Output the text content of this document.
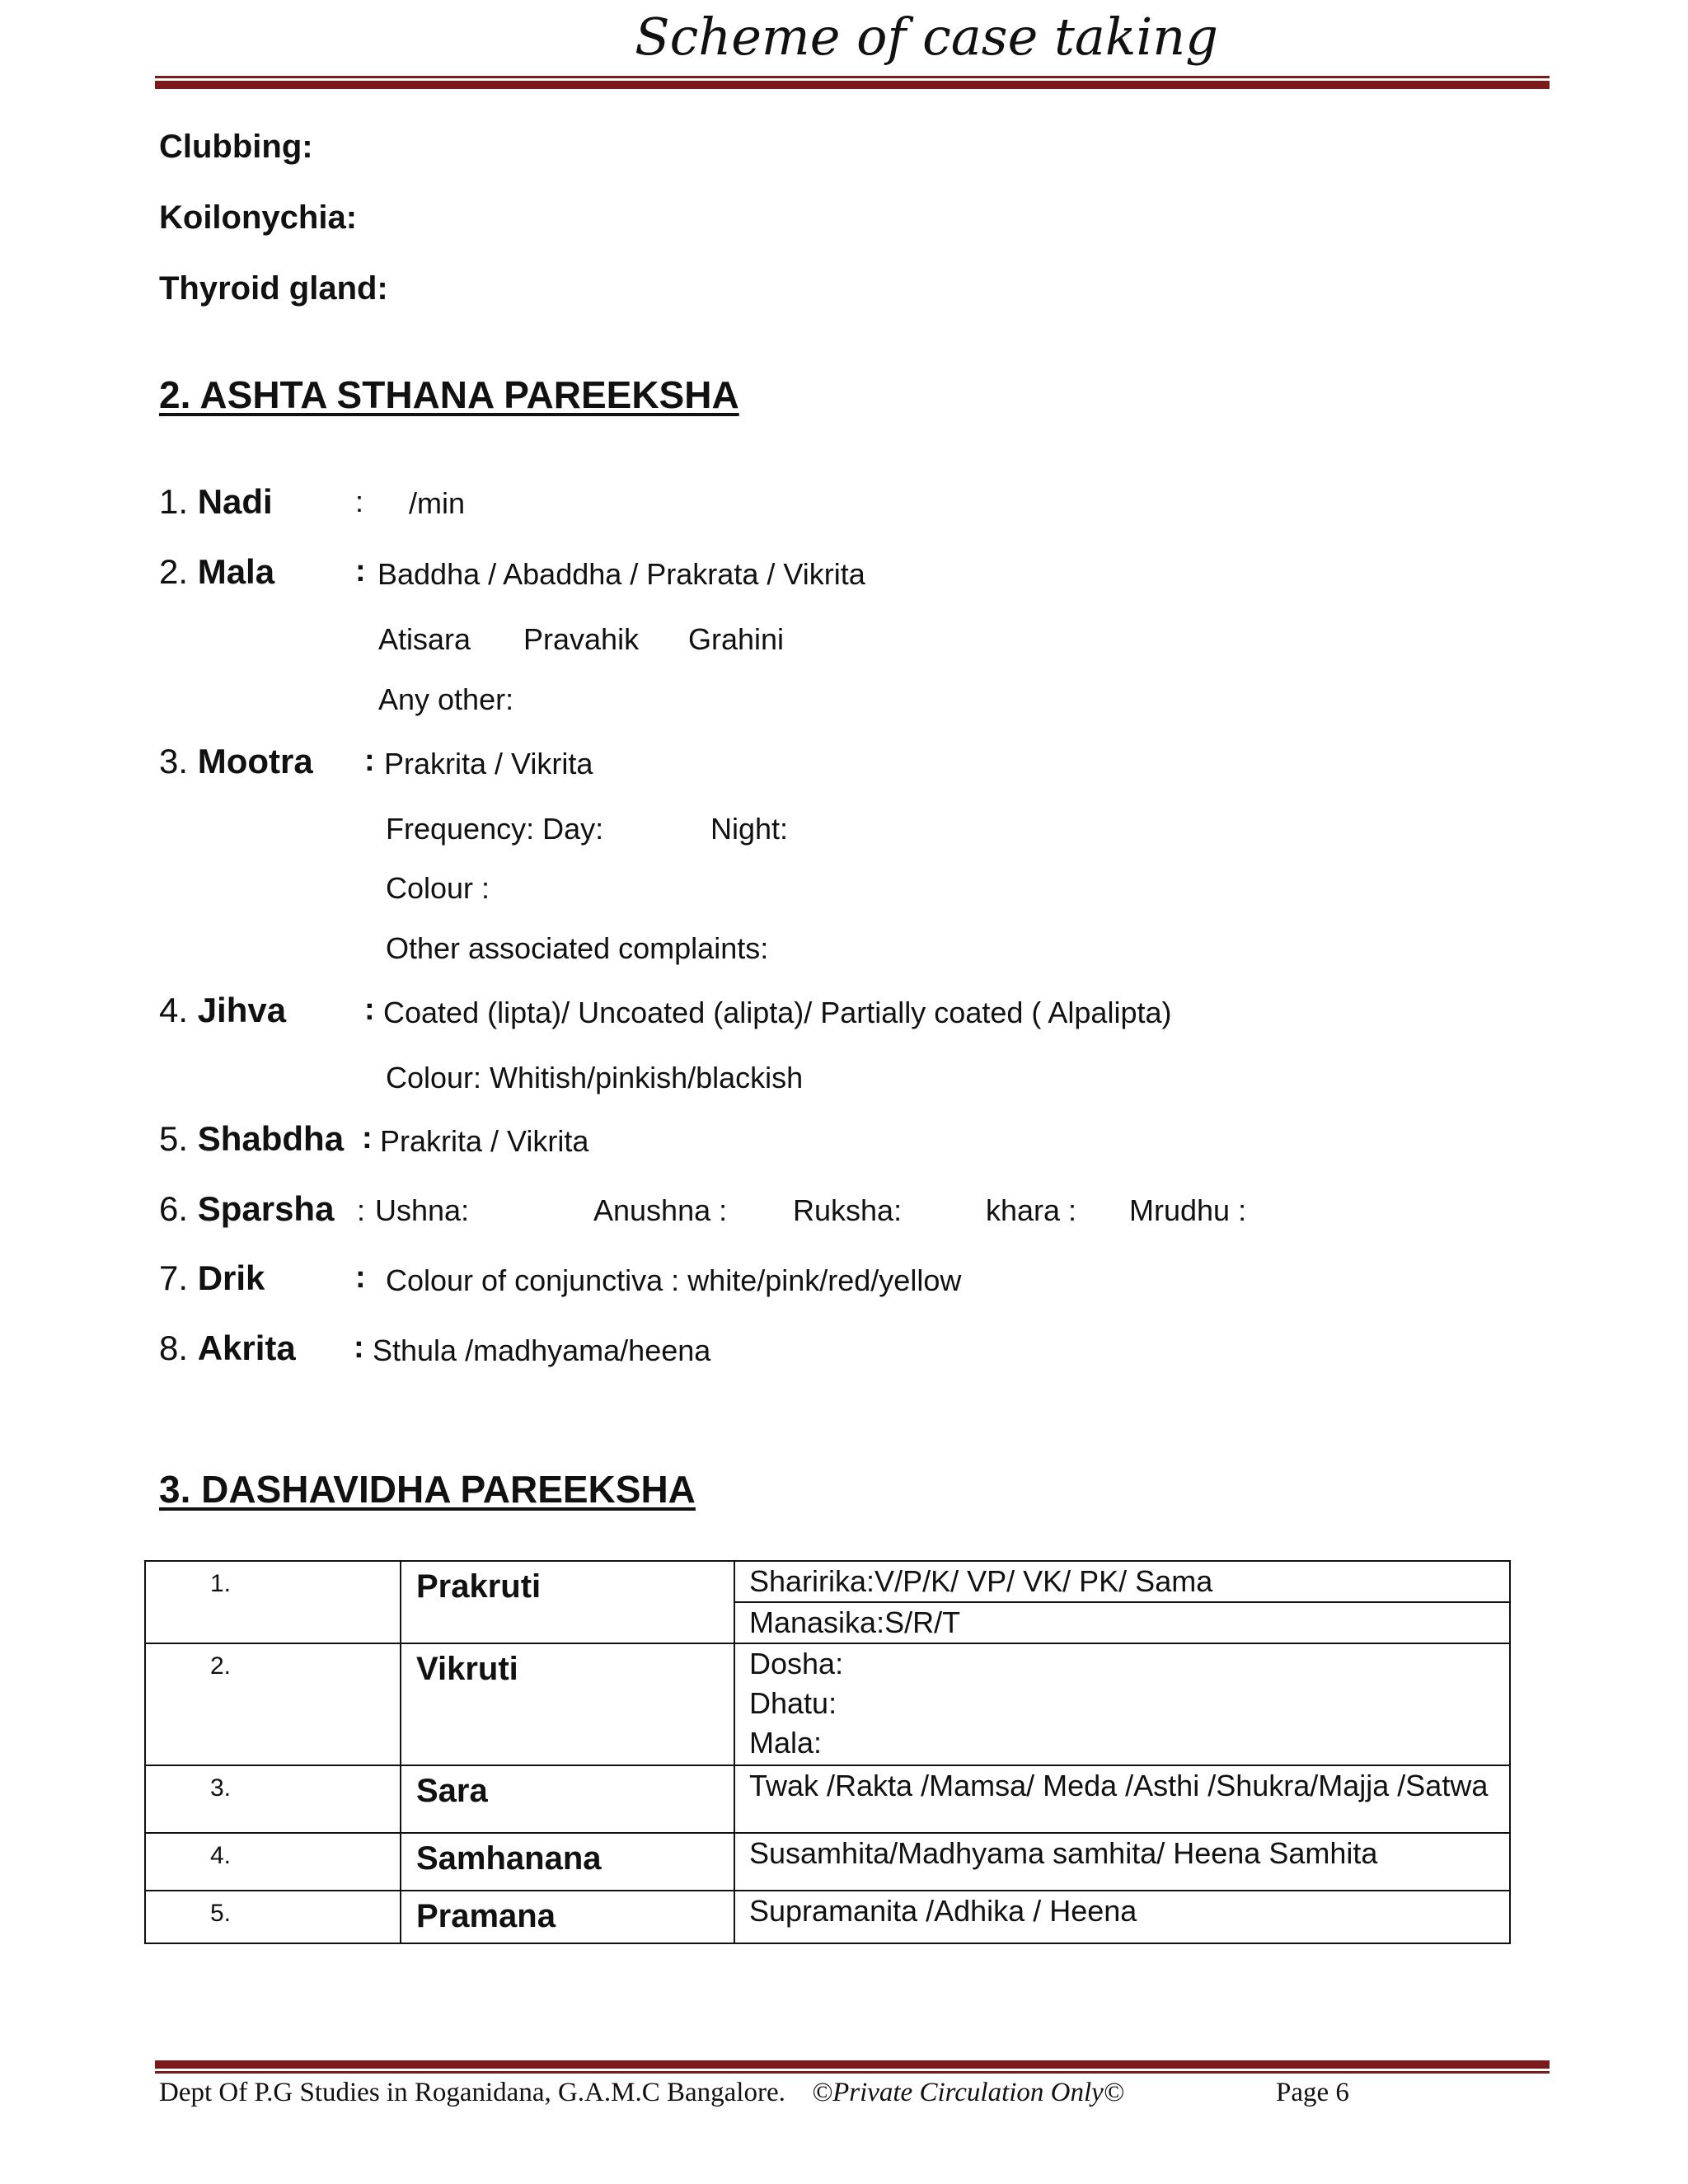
Scheme of case taking
Clubbing:
Koilonychia:
Thyroid gland:
2. ASHTA STHANA PAREEKSHA
1. Nadi	: /min
2. Mala	: Baddha / Abaddha / Prakrata / Vikrita
Atisara Pravahik Grahini
Any other:
3. Mootra : Prakrita / Vikrita
Frequency: Day:	Night:
Colour :
Other associated complaints:
4. Jihva : Coated (lipta)/ Uncoated (alipta)/ Partially coated ( Alpalipta)
Colour: Whitish/pinkish/blackish
5. Shabdha : Prakrita / Vikrita
6. Sparsha : Ushna:	Anushna : Ruksha:	khara : Mrudhu :
7. Drik	: Colour of conjunctiva : white/pink/red/yellow
8. Akrita : Sthula /madhyama/heena
3. DASHAVIDHA PAREEKSHA
1.	Prakruti	Sharirika:V/P/K/ VP/ VK/ PK/ Sama

		Manasika:S/R/T

2.	Vikruti	Dosha:
Dhatu:
Mala:

3.	Sara	Twak /Rakta /Mamsa/ Meda /Asthi /Shukra/Majja /Satwa

4.	Samhanana	Susamhita/Madhyama samhita/ Heena Samhita

5.	Pramana	Supramanita /Adhika / Heena
Dept Of P.G Studies in Roganidana, G.A.M.C Bangalore. ©Private Circulation Only©	Page 6
